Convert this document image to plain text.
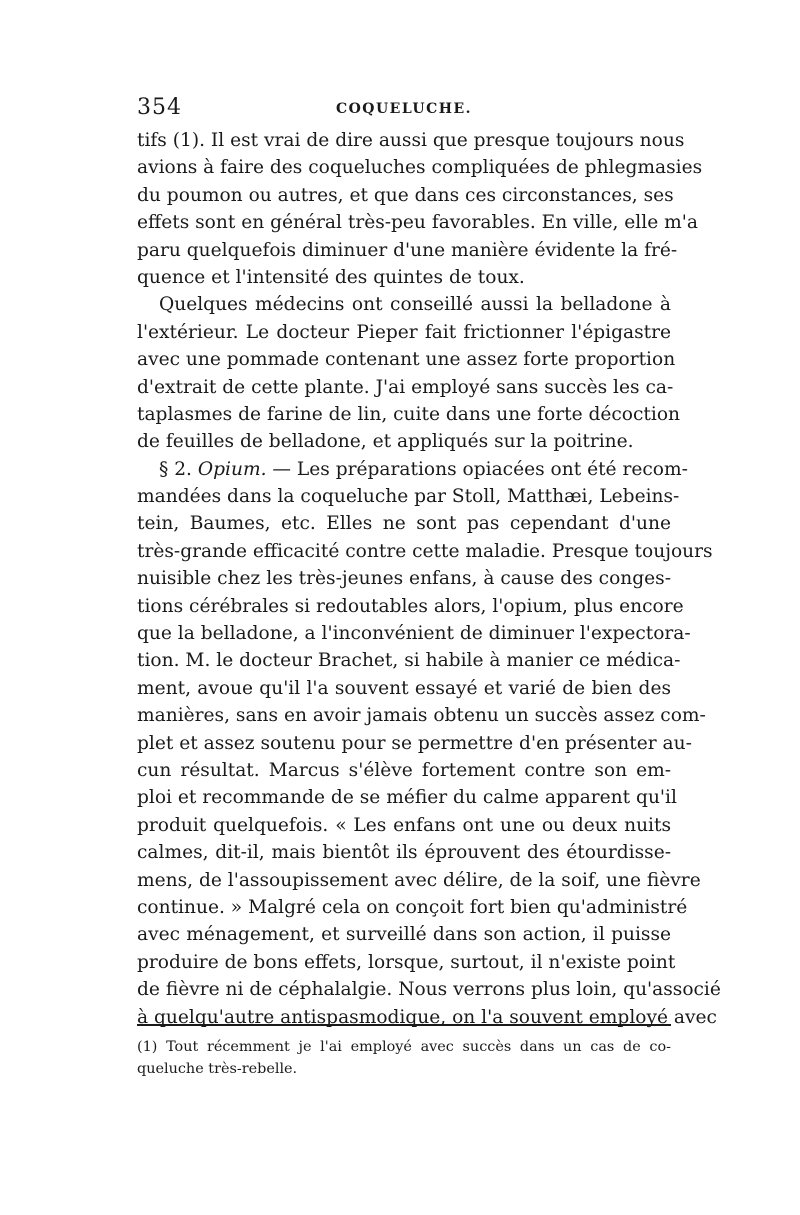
354	COQUELUCHE.
tifs (1). Il est vrai de dire aussi que presque toujours nous
avions à faire des coqueluches compliquées de phlegmasies
du poumon ou autres, et que dans ces circonstances, ses
effets sont en général très-peu favorables. En ville, elle m'a
paru quelquefois diminuer d'une manière évidente la fré-
quence et l'intensité des quintes de toux.
Quelques médecins ont conseillé aussi la belladone à
l'extérieur. Le docteur Pieper fait frictionner l'épigastre
avec une pommade contenant une assez forte proportion
d'extrait de cette plante. J'ai employé sans succès les ca-
taplasmes de farine de lin, cuite dans une forte décoction
de feuilles de belladone, et appliqués sur la poitrine.
§ 2. Opium. — Les préparations opiacées ont été recom-
mandées dans la coqueluche par Stoll, Matthæi, Lebeins-
tein, Baumes, etc. Elles ne sont pas cependant d'une
très-grande efficacité contre cette maladie. Presque toujours
nuisible chez les très-jeunes enfans, à cause des conges-
tions cérébrales si redoutables alors, l'opium, plus encore
que la belladone, a l'inconvénient de diminuer l'expectora-
tion. M. le docteur Brachet, si habile à manier ce médica-
ment, avoue qu'il l'a souvent essayé et varié de bien des
manières, sans en avoir jamais obtenu un succès assez com-
plet et assez soutenu pour se permettre d'en présenter au-
cun résultat. Marcus s'élève fortement contre son em-
ploi et recommande de se méfier du calme apparent qu'il
produit quelquefois. « Les enfans ont une ou deux nuits
calmes, dit-il, mais bientôt ils éprouvent des étourdisse-
mens, de l'assoupissement avec délire, de la soif, une fièvre
continue. » Malgré cela on conçoit fort bien qu'administré
avec ménagement, et surveillé dans son action, il puisse
produire de bons effets, lorsque, surtout, il n'existe point
de fièvre ni de céphalalgie. Nous verrons plus loin, qu'associé
à quelqu'autre antispasmodique, on l'a souvent employé avec
(1) Tout récemment je l'ai employé avec succès dans un cas de co-
queluche très-rebelle.
